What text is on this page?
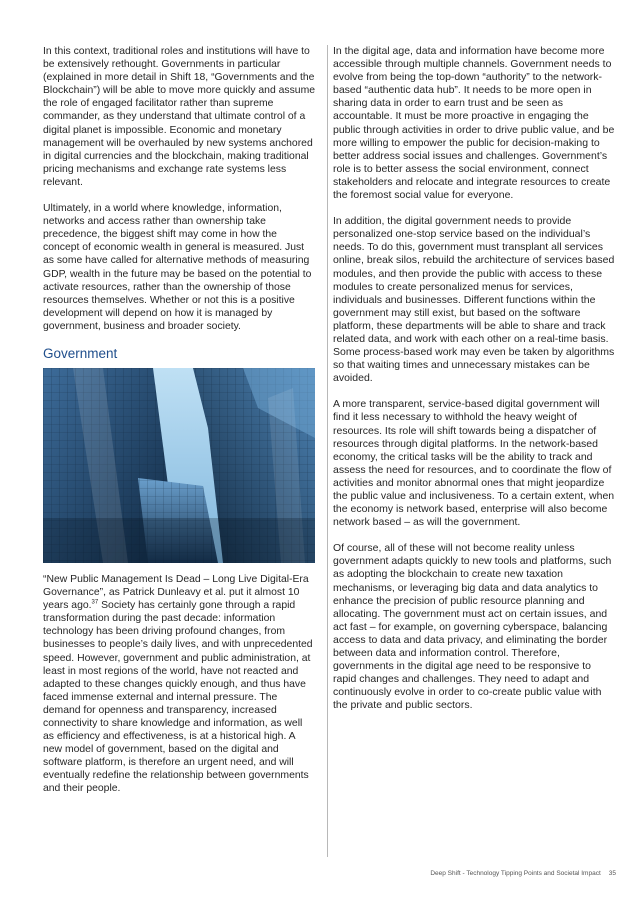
In this context, traditional roles and institutions will have to be extensively rethought. Governments in particular (explained in more detail in Shift 18, “Governments and the Blockchain”) will be able to move more quickly and assume the role of engaged facilitator rather than supreme commander, as they understand that ultimate control of a digital planet is impossible. Economic and monetary management will be overhauled by new systems anchored in digital currencies and the blockchain, making traditional pricing mechanisms and exchange rate systems less relevant.

Ultimately, in a world where knowledge, information, networks and access rather than ownership take precedence, the biggest shift may come in how the concept of economic wealth in general is measured. Just as some have called for alternative methods of measuring GDP, wealth in the future may be based on the potential to activate resources, rather than the ownership of those resources themselves. Whether or not this is a positive development will depend on how it is managed by government, business and broader society.

Government

“New Public Management Is Dead – Long Live Digital-Era Governance”, as Patrick Dunleavy et al. put it almost 10 years ago.$^{37}$ Society has certainly gone through a rapid transformation during the past decade: information technology has been driving profound changes, from businesses to people’s daily lives, and with unprecedented speed. However, government and public administration, at least in most regions of the world, have not reacted and adapted to these changes quickly enough, and thus have faced immense external and internal pressure. The demand for openness and transparency, increased connectivity to share knowledge and information, as well as efficiency and effectiveness, is at a historical high. A new model of government, based on the digital and software platform, is therefore an urgent need, and will eventually redefine the relationship between governments and their people.

In the digital age, data and information have become more accessible through multiple channels. Government needs to evolve from being the top-down “authority” to the network-based “authentic data hub”. It needs to be more open in sharing data in order to earn trust and be seen as accountable. It must be more proactive in engaging the public through activities in order to drive public value, and be more willing to empower the public for decision-making to better address social issues and challenges. Government’s role is to better assess the social environment, connect stakeholders and relocate and integrate resources to create the foremost social value for everyone.

In addition, the digital government needs to provide personalized one-stop service based on the individual’s needs. To do this, government must transplant all services online, break silos, rebuild the architecture of services based modules, and then provide the public with access to these modules to create personalized menus for services, individuals and businesses. Different functions within the government may still exist, but based on the software platform, these departments will be able to share and track related data, and work with each other on a real-time basis. Some process-based work may even be taken by algorithms so that waiting times and unnecessary mistakes can be avoided.

A more transparent, service-based digital government will find it less necessary to withhold the heavy weight of resources. Its role will shift towards being a dispatcher of resources through digital platforms. In the network-based economy, the critical tasks will be the ability to track and assess the need for resources, and to coordinate the flow of activities and monitor abnormal ones that might jeopardize the public value and inclusiveness. To a certain extent, when the economy is network based, enterprise will also become network based – as will the government.

Of course, all of these will not become reality unless government adapts quickly to new tools and platforms, such as adopting the blockchain to create new taxation mechanisms, or leveraging big data and data analytics to enhance the precision of public resource planning and allocating. The government must act on certain issues, and act fast – for example, on governing cyberspace, balancing access to data and data privacy, and eliminating the border between data and information control. Therefore, governments in the digital age need to be responsive to rapid changes and challenges. They need to adapt and continuously evolve in order to co-create public value with the private and public sectors.

Deep Shift - Technology Tipping Points and Societal Impact 35
